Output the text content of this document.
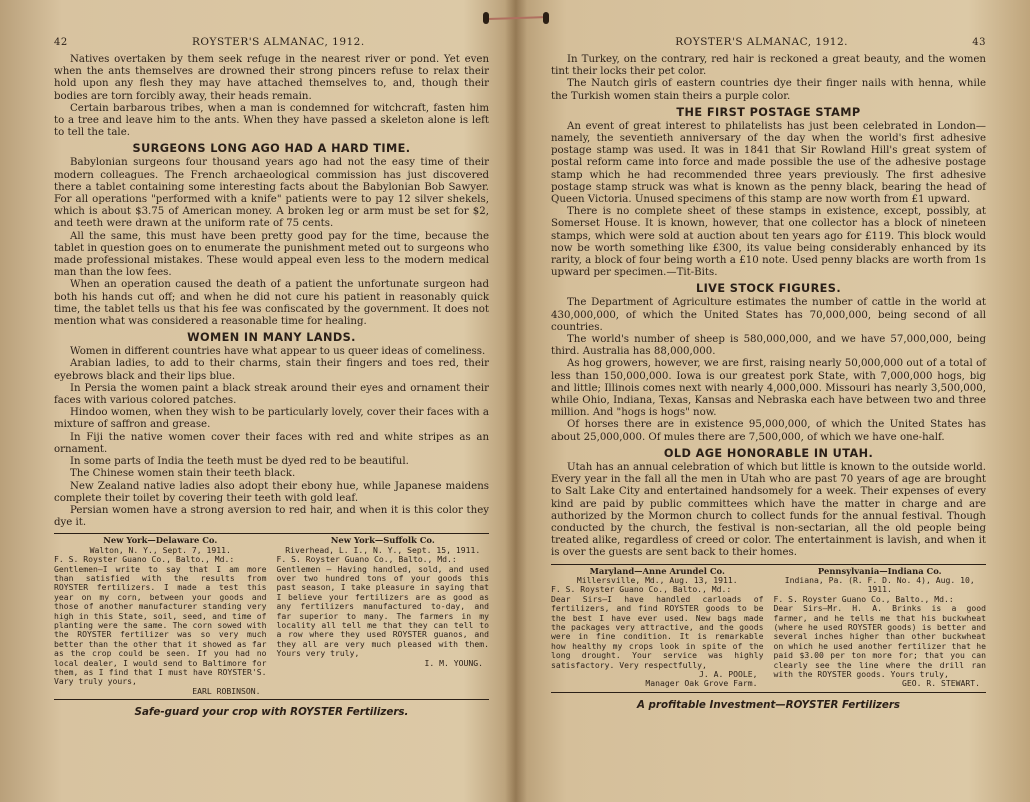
42	ROYSTER'S ALMANAC, 1912.

Natives overtaken by them seek refuge in the nearest river or pond. Yet even when the ants themselves are drowned their strong pincers refuse to relax their hold upon any flesh they may have attached themselves to, and, though their bodies are torn forcibly away, their heads remain.

Certain barbarous tribes, when a man is condemned for witchcraft, fasten him to a tree and leave him to the ants. When they have passed a skeleton alone is left to tell the tale.

SURGEONS LONG AGO HAD A HARD TIME.

Babylonian surgeons four thousand years ago had not the easy time of their modern colleagues. The French archaeological commission has just discovered there a tablet containing some interesting facts about the Babylonian Bob Sawyer. For all operations "performed with a knife" patients were to pay 12 silver shekels, which is about $3.75 of American money. A broken leg or arm must be set for $2, and teeth were drawn at the uniform rate of 75 cents.

All the same, this must have been pretty good pay for the time, because the tablet in question goes on to enumerate the punishment meted out to surgeons who made professional mistakes. These would appeal even less to the modern medical man than the low fees.

When an operation caused the death of a patient the unfortunate surgeon had both his hands cut off; and when he did not cure his patient in reasonably quick time, the tablet tells us that his fee was confiscated by the government. It does not mention what was considered a reasonable time for healing.

WOMEN IN MANY LANDS.

Women in different countries have what appear to us queer ideas of comeliness.

Arabian ladies, to add to their charms, stain their fingers and toes red, their eyebrows black and their lips blue.

In Persia the women paint a black streak around their eyes and ornament their faces with various colored patches.

Hindoo women, when they wish to be particularly lovely, cover their faces with a mixture of saffron and grease.

In Fiji the native women cover their faces with red and white stripes as an ornament.

In some parts of India the teeth must be dyed red to be beautiful.

The Chinese women stain their teeth black.

New Zealand native ladies also adopt their ebony hue, while Japanese maidens complete their toilet by covering their teeth with gold leaf.

Persian women have a strong aversion to red hair, and when it is this color they dye it.

New York—Delaware Co.
Walton, N. Y., Sept. 7, 1911.
F. S. Royster Guano Co., Balto., Md.:

Gentlemen—I write to say that I am more than satisfied with the results from ROYSTER fertilizers. I made a test this year on my corn, between your goods and those of another manufacturer standing very high in this State, soil, seed, and time of planting were the same. The corn sowed with the ROYSTER fertilizer was so very much better than the other that it showed as far as the crop could be seen. If you had no local dealer, I would send to Baltimore for them, as I find that I must have ROYSTER'S. Vary truly yours,

EARL ROBINSON.
New York—Suffolk Co.
Riverhead, L. I., N. Y., Sept. 15, 1911.
F. S. Royster Guano Co., Balto., Md.:

Gentlemen — Having handled, sold, and used over two hundred tons of your goods this past season, I take pleasure in saying that I believe your fertilizers are as good as any fertilizers manufactured to-day, and far superior to many. The farmers in my locality all tell me that they can tell to a row where they used ROYSTER guanos, and they all are very much pleased with them. Yours very truly,

I. M. YOUNG.
Safe-guard your crop with ROYSTER Fertilizers.
ROYSTER'S ALMANAC, 1912.	43

In Turkey, on the contrary, red hair is reckoned a great beauty, and the women tint their locks their pet color.

The Nautch girls of eastern countries dye their finger nails with henna, while the Turkish women stain theirs a purple color.

THE FIRST POSTAGE STAMP

An event of great interest to philatelists has just been celebrated in London—namely, the seventieth anniversary of the day when the world's first adhesive postage stamp was used. It was in 1841 that Sir Rowland Hill's great system of postal reform came into force and made possible the use of the adhesive postage stamp which he had recommended three years previously. The first adhesive postage stamp struck was what is known as the penny black, bearing the head of Queen Victoria. Unused specimens of this stamp are now worth from £1 upward.

There is no complete sheet of these stamps in existence, except, possibly, at Somerset House. It is known, however, that one collector has a block of nineteen stamps, which were sold at auction about ten years ago for £119. This block would now be worth something like £300, its value being considerably enhanced by its rarity, a block of four being worth a £10 note. Used penny blacks are worth from 1s upward per specimen.—Tit-Bits.

LIVE STOCK FIGURES.

The Department of Agriculture estimates the number of cattle in the world at 430,000,000, of which the United States has 70,000,000, being second of all countries.

The world's number of sheep is 580,000,000, and we have 57,000,000, being third. Australia has 88,000,000.

As hog growers, however, we are first, raising nearly 50,000,000 out of a total of less than 150,000,000. Iowa is our greatest pork State, with 7,000,000 hogs, big and little; Illinois comes next with nearly 4,000,000. Missouri has nearly 3,500,000, while Ohio, Indiana, Texas, Kansas and Nebraska each have between two and three million. And "hogs is hogs" now.

Of horses there are in existence 95,000,000, of which the United States has about 25,000,000. Of mules there are 7,500,000, of which we have one-half.

OLD AGE HONORABLE IN UTAH.

Utah has an annual celebration of which but little is known to the outside world. Every year in the fall all the men in Utah who are past 70 years of age are brought to Salt Lake City and entertained handsomely for a week. Their expenses of every kind are paid by public committees which have the matter in charge and are authorized by the Mormon church to collect funds for the annual festival. Though conducted by the church, the festival is non-sectarian, all the old people being treated alike, regardless of creed or color. The entertainment is lavish, and when it is over the guests are sent back to their homes.

Maryland—Anne Arundel Co.
Millersville, Md., Aug. 13, 1911.
F. S. Royster Guano Co., Balto., Md.:

Dear Sirs—I have handled carloads of fertilizers, and find ROYSTER goods to be the best I have ever used. New bags made the packages very attractive, and the goods were in fine condition. It is remarkable how healthy my crops look in spite of the long drought. Your service was highly satisfactory. Very respectfully,

J. A. POOLE,
Manager Oak Grove Farm.
Pennsylvania—Indiana Co.
Indiana, Pa. (R. F. D. No. 4), Aug. 10, 1911.
F. S. Royster Guano Co., Balto., Md.:

Dear Sirs—Mr. H. A. Brinks is a good farmer, and he tells me that his buckwheat (where he used ROYSTER goods) is better and several inches higher than other buckwheat on which he used another fertilizer that he paid $3.00 per ton more for; that you can clearly see the line where the drill ran with the ROYSTER goods. Yours truly,

GEO. R. STEWART.
A profitable Investment—ROYSTER Fertilizers
